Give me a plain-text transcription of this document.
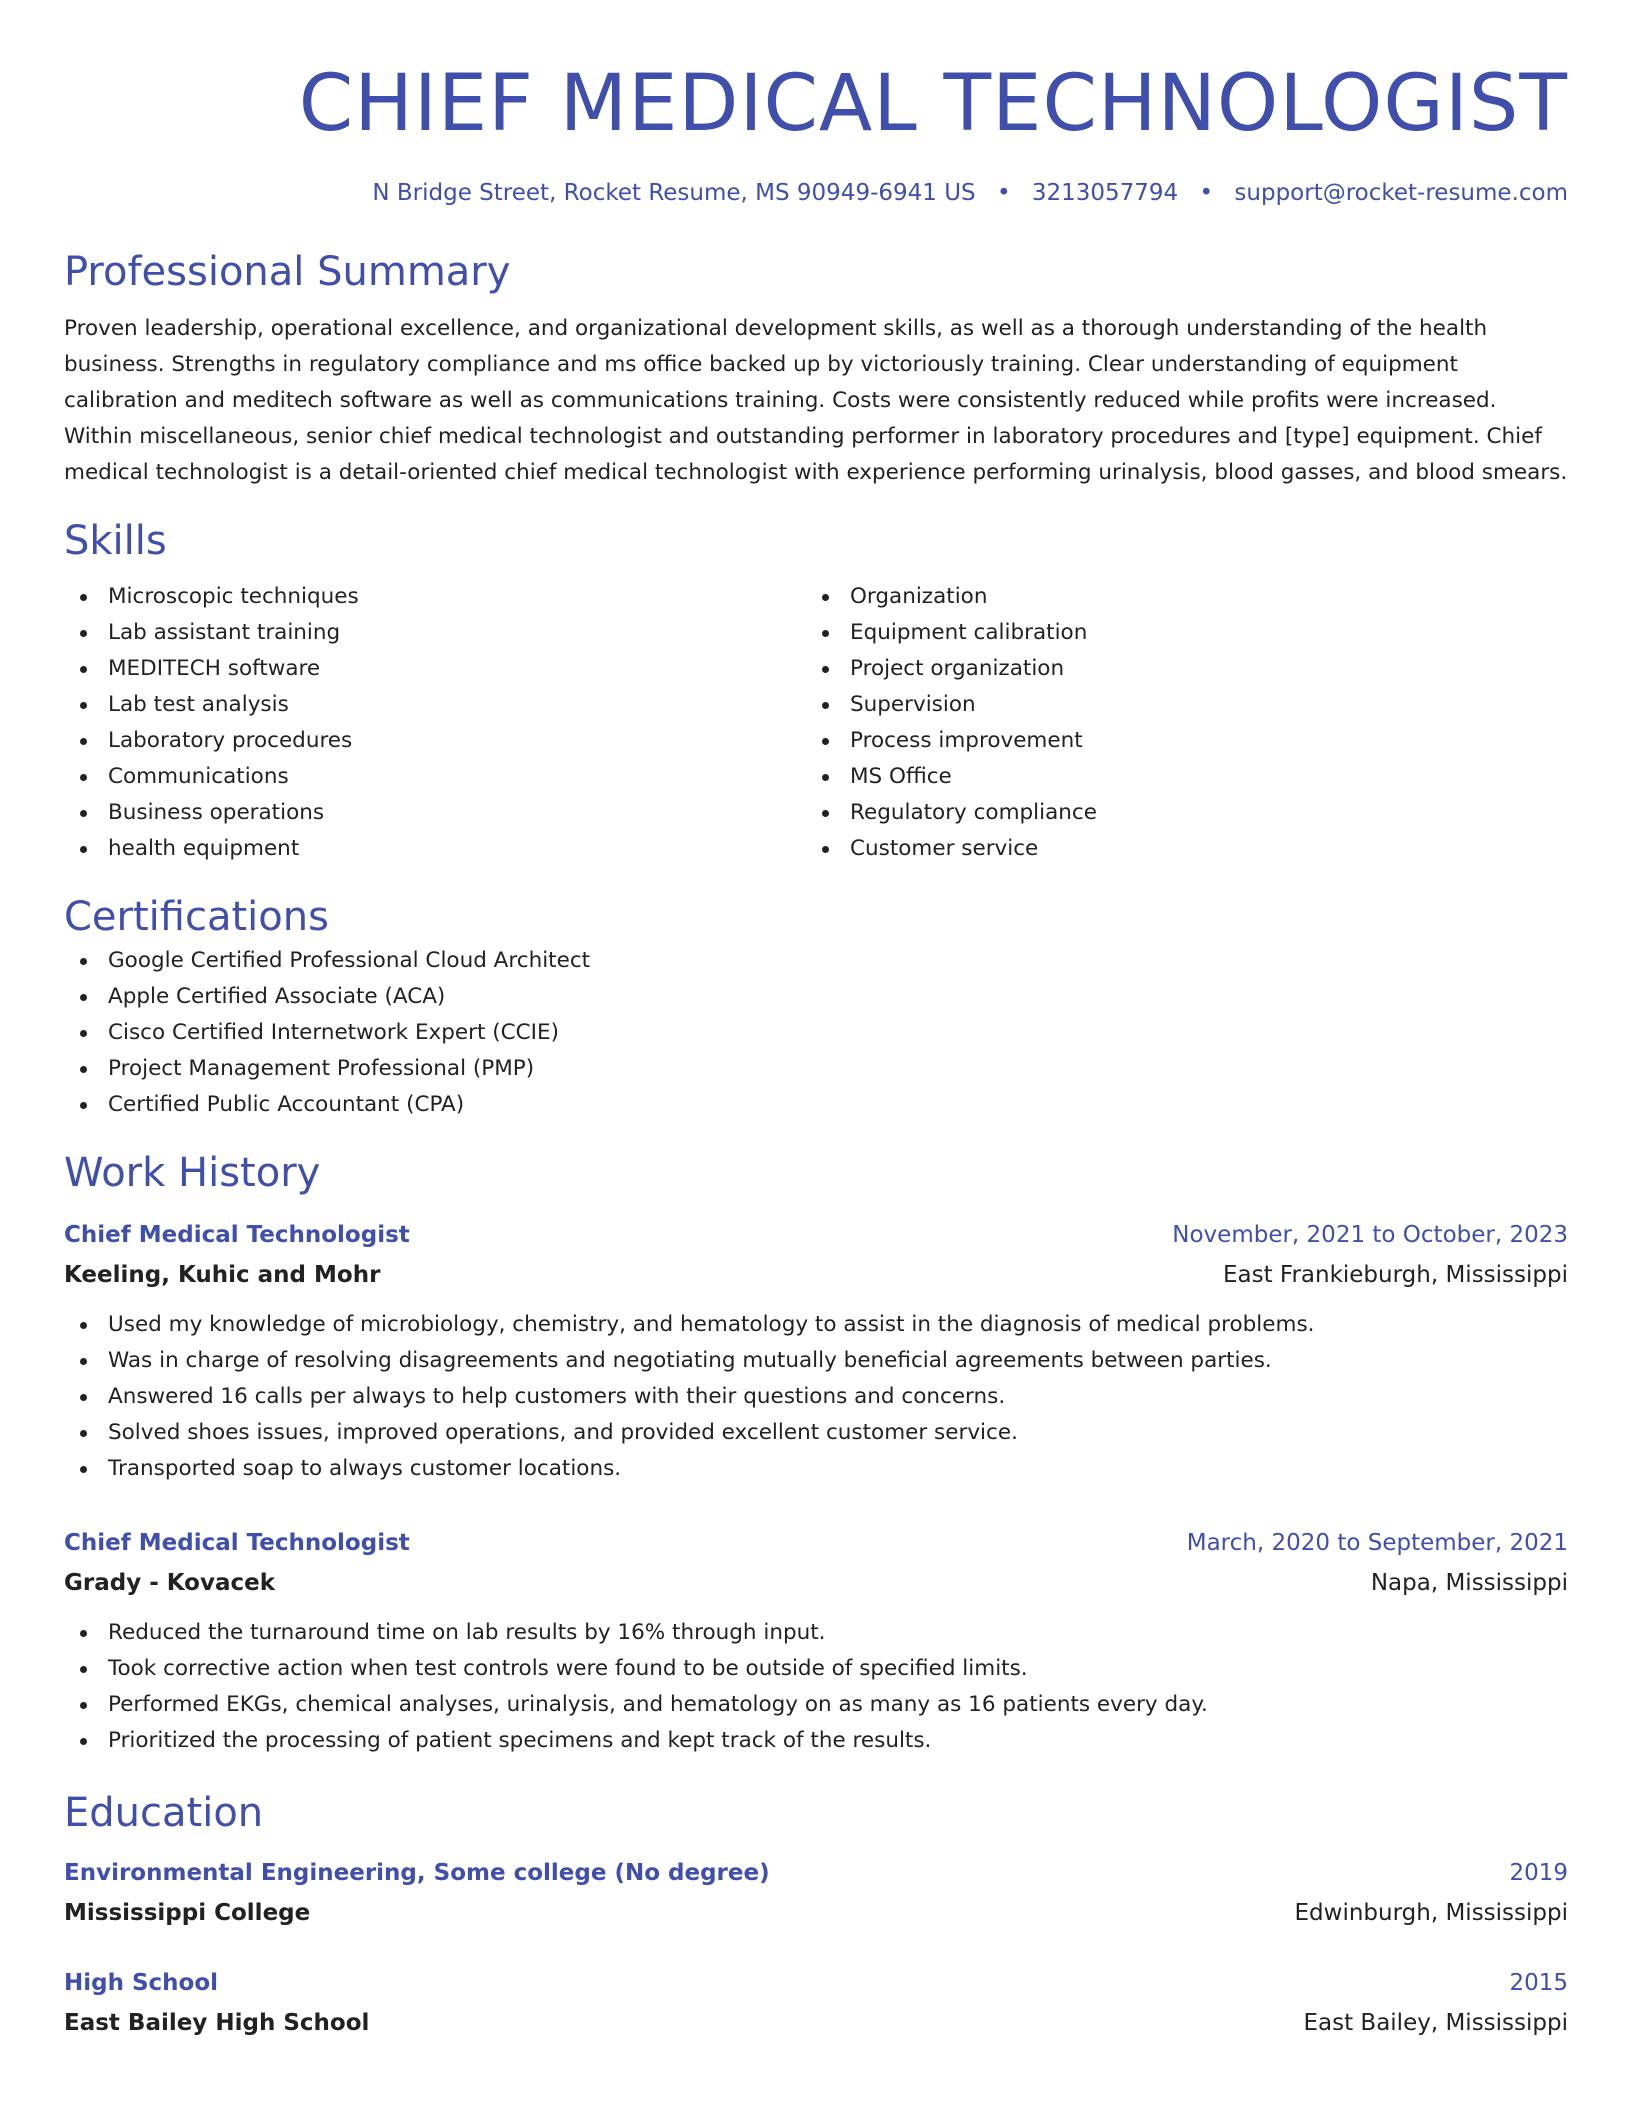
CHIEF MEDICAL TECHNOLOGIST
N Bridge Street, Rocket Resume, MS 90949-6941 US • 3213057794 • support@rocket-resume.com
Professional Summary

Proven leadership, operational excellence, and organizational development skills, as well as a thorough understanding of the health business. Strengths in regulatory compliance and ms office backed up by victoriously training. Clear understanding of equipment calibration and meditech software as well as communications training. Costs were consistently reduced while profits were increased. Within miscellaneous, senior chief medical technologist and outstanding performer in laboratory procedures and [type] equipment. Chief medical technologist is a detail-oriented chief medical technologist with experience performing urinalysis, blood gasses, and blood smears.

Skills
Microscopic techniques
Lab assistant training
MEDITECH software
Lab test analysis
Laboratory procedures
Communications
Business operations
health equipment
Organization
Equipment calibration
Project organization
Supervision
Process improvement
MS Office
Regulatory compliance
Customer service
Certifications
Google Certified Professional Cloud Architect
Apple Certified Associate (ACA)
Cisco Certified Internetwork Expert (CCIE)
Project Management Professional (PMP)
Certified Public Accountant (CPA)
Work History
Chief Medical Technologist	November, 2021 to October, 2023
Keeling, Kuhic and Mohr	East Frankieburgh, Mississippi
Used my knowledge of microbiology, chemistry, and hematology to assist in the diagnosis of medical problems.
Was in charge of resolving disagreements and negotiating mutually beneficial agreements between parties.
Answered 16 calls per always to help customers with their questions and concerns.
Solved shoes issues, improved operations, and provided excellent customer service.
Transported soap to always customer locations.
Chief Medical Technologist	March, 2020 to September, 2021
Grady - Kovacek	Napa, Mississippi
Reduced the turnaround time on lab results by 16% through input.
Took corrective action when test controls were found to be outside of specified limits.
Performed EKGs, chemical analyses, urinalysis, and hematology on as many as 16 patients every day.
Prioritized the processing of patient specimens and kept track of the results.
Education
Environmental Engineering, Some college (No degree)	2019
Mississippi College	Edwinburgh, Mississippi
High School	2015
East Bailey High School	East Bailey, Mississippi
